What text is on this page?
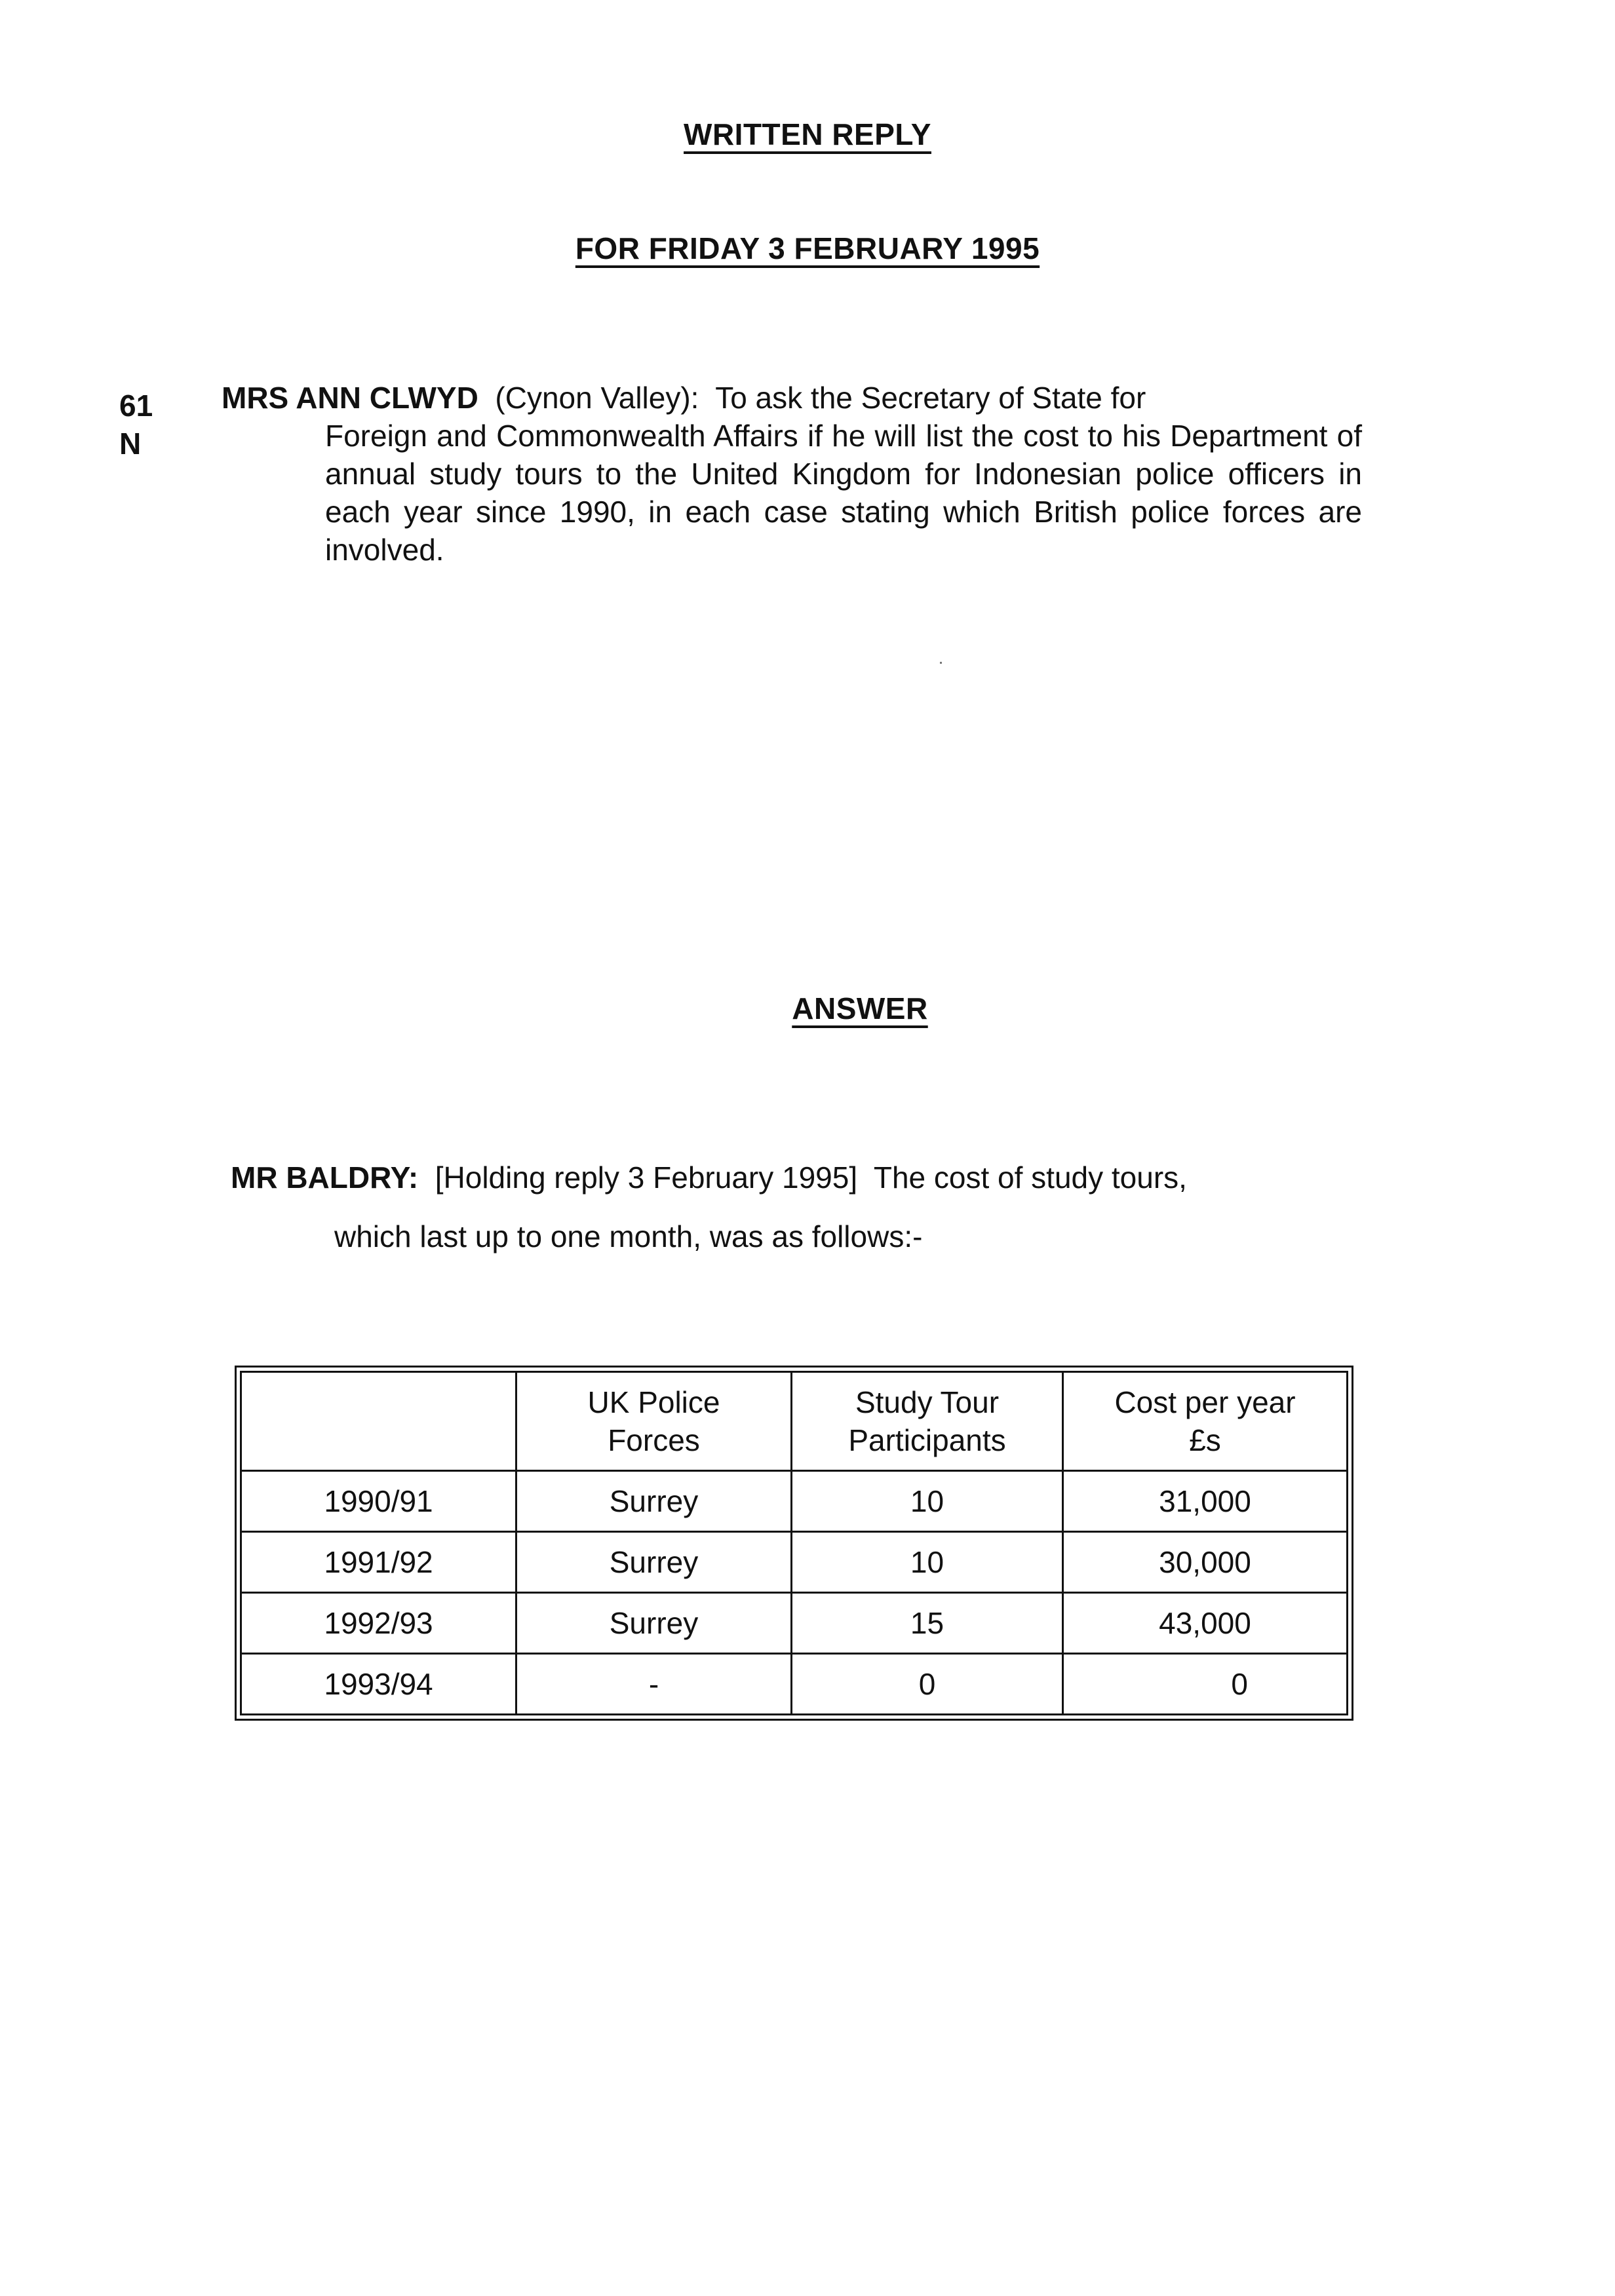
WRITTEN REPLY
FOR FRIDAY 3 FEBRUARY 1995
61
N
MRS ANN CLWYD (Cynon Valley): To ask the Secretary of State for
Foreign and Commonwealth Affairs if he will list the cost to his Department of annual study tours to the United Kingdom for Indonesian police officers in each year since 1990, in each case stating which British police forces are involved.
ANSWER
MR BALDRY: [Holding reply 3 February 1995] The cost of study tours,
which last up to one month, was as follows:-
	UK Police Forces	Study Tour Participants	Cost per year £s
1990/91	Surrey	10	31,000
1991/92	Surrey	10	30,000
1992/93	Surrey	15	43,000
1993/94	-	0	0
